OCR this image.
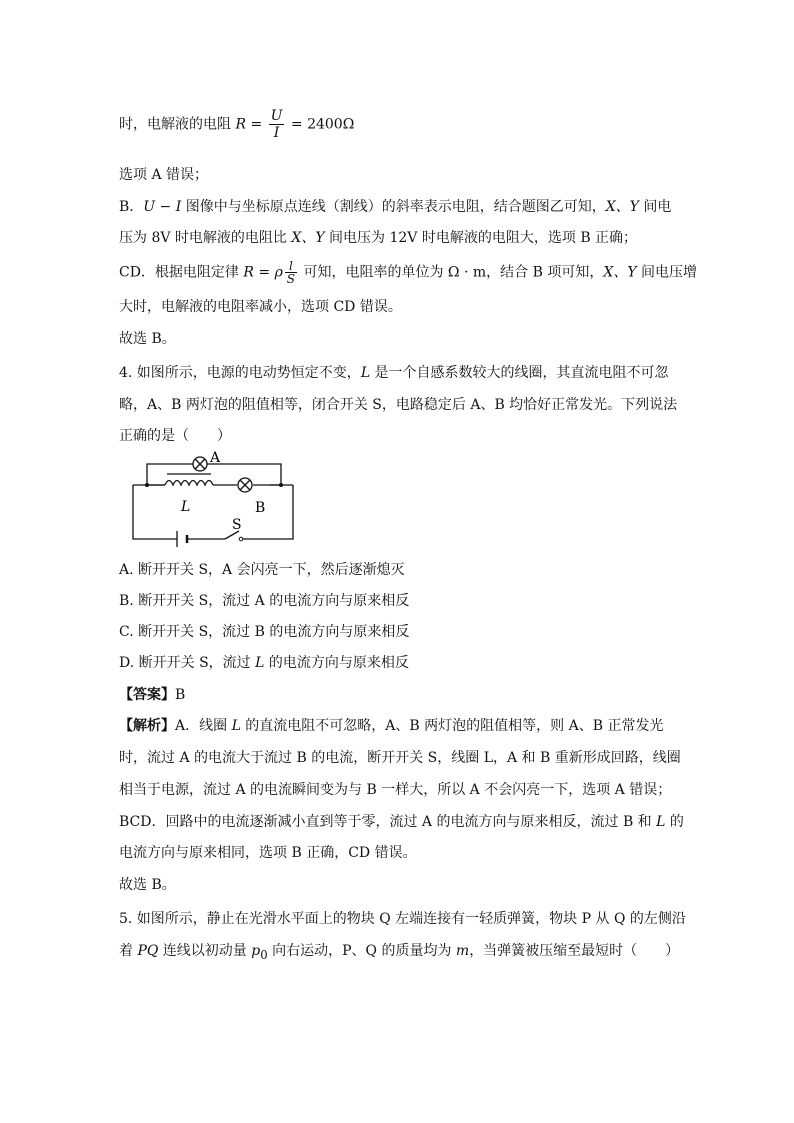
时，电解液的电阻 $R = \frac{U}{I} = 2400\Omega$
选项 A 错误；
B．U − I 图像中与坐标原点连线（割线）的斜率表示电阻，结合题图乙可知，X、Y 间电
压为 8V 时电解液的电阻比 X、Y 间电压为 12V 时电解液的电阻大，选项 B 正确；
CD．根据电阻定律 R = ρ $\frac{l}{S}$ 可知，电阻率的单位为 Ω · m，结合 B 项可知，X、Y 间电压增
大时，电解液的电阻率减小，选项 CD 错误。
故选 B。
4. 如图所示，电源的电动势恒定不变，L 是一个自感系数较大的线圈，其直流电阻不可忽
略，A、B 两灯泡的阻值相等，闭合开关 S，电路稳定后 A、B 均恰好正常发光。下列说法
正确的是（　　）
A
B
L
S
A. 断开开关 S，A 会闪亮一下，然后逐渐熄灭
B. 断开开关 S，流过 A 的电流方向与原来相反
C. 断开开关 S，流过 B 的电流方向与原来相反
D. 断开开关 S，流过 L 的电流方向与原来相反
【答案】B
【解析】A．线圈 L 的直流电阻不可忽略，A、B 两灯泡的阻值相等，则 A、B 正常发光
时，流过 A 的电流大于流过 B 的电流，断开开关 S，线圈 L，A 和 B 重新形成回路，线圈
相当于电源，流过 A 的电流瞬间变为与 B 一样大，所以 A 不会闪亮一下，选项 A 错误；
BCD．回路中的电流逐渐减小直到等于零，流过 A 的电流方向与原来相反，流过 B 和 L 的
电流方向与原来相同，选项 B 正确，CD 错误。
故选 B。
5. 如图所示，静止在光滑水平面上的物块 Q 左端连接有一轻质弹簧，物块 P 从 Q 的左侧沿
着 PQ 连线以初动量 $p_0$ 向右运动，P、Q 的质量均为 m，当弹簧被压缩至最短时（　　）
